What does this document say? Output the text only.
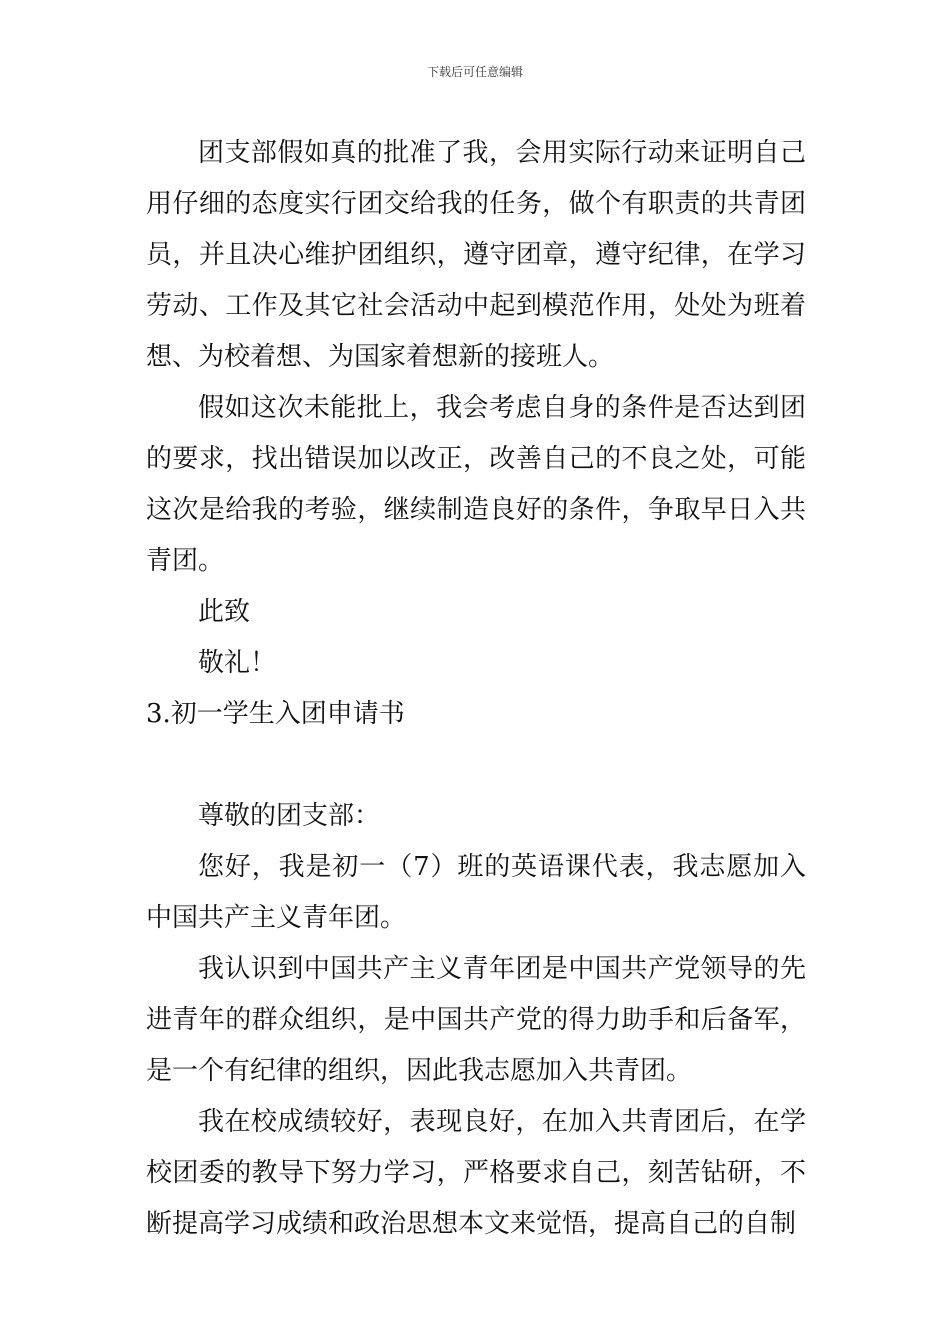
下载后可任意编辑

团支部假如真的批准了我，会用实际行动来证明自己用仔细的态度实行团交给我的任务，做个有职责的共青团员，并且决心维护团组织，遵守团章，遵守纪律，在学习劳动、工作及其它社会活动中起到模范作用，处处为班着想、为校着想、为国家着想新的接班人。

假如这次未能批上，我会考虑自身的条件是否达到团的要求，找出错误加以改正，改善自己的不良之处，可能这次是给我的考验，继续制造良好的条件，争取早日入共青团。

此致

敬礼！

3.初一学生入团申请书

尊敬的团支部：

您好，我是初一（7）班的英语课代表，我志愿加入中国共产主义青年团。

我认识到中国共产主义青年团是中国共产党领导的先进青年的群众组织，是中国共产党的得力助手和后备军，是一个有纪律的组织，因此我志愿加入共青团。

我在校成绩较好，表现良好，在加入共青团后，在学校团委的教导下努力学习，严格要求自己，刻苦钻研，不断提高学习成绩和政治思想本文来觉悟，提高自己的自制
